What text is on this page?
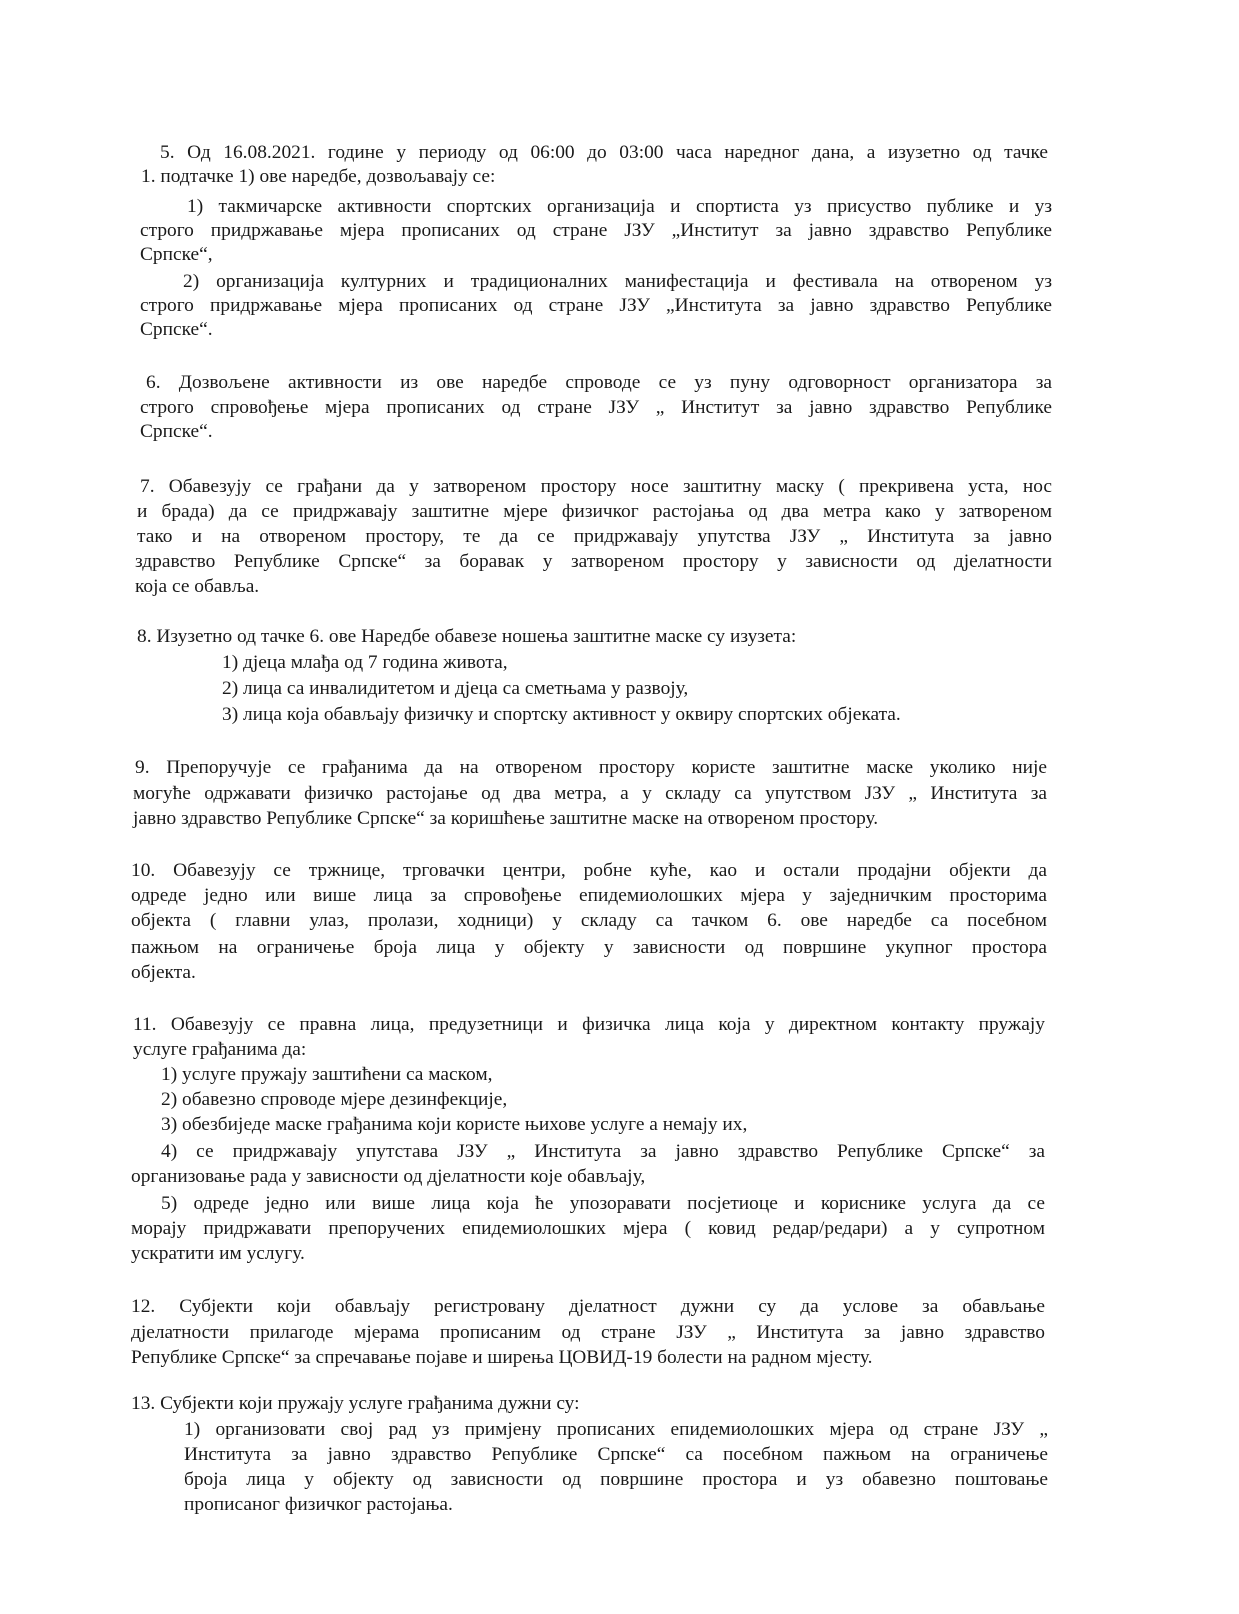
5. Од 16.08.2021. године у периоду од 06:00 до 03:00 часа наредног дана, а изузетно од тачке
1. подтачке 1) ове наредбе, дозвољавају се:
1) такмичарске активности спортских организација и спортиста уз присуство публике и уз
строго придржавање мјера прописаних од стране ЈЗУ „Институт за јавно здравство Републике
Српске“,
2) организација културних и традиционалних манифестација и фестивала на отвореном уз
строго придржавање мјера прописаних од стране ЈЗУ „Института за јавно здравство Републике
Српске“.
6. Дозвољене активности из ове наредбе спроводе се уз пуну одговорност организатора за
строго спровођење мјера прописаних од стране ЈЗУ „ Институт за јавно здравство Републике
Српске“.
7. Обавезују се грађани да у затвореном простору носе заштитну маску ( прекривена уста, нос
и брада) да се придржавају заштитне мјере физичког растојања од два метра како у затвореном
тако и на отвореном простору, те да се придржавају упутства ЈЗУ „ Института за јавно
здравство Републике Српске“ за боравак у затвореном простору у зависности од дјелатности
која се обавља.
8. Изузетно од тачке 6. ове Наредбе обавезе ношења заштитне маске су изузета:
1) дјеца млађа од 7 година живота,
2) лица са инвалидитетом и дјеца са сметњама у развоју,
3) лица која обављају физичку и спортску активност у оквиру спортских објеката.
9. Препоручује се грађанима да на отвореном простору користе заштитне маске уколико није
могуће одржавати физичко растојање од два метра, а у складу са упутством ЈЗУ „ Института за
јавно здравство Републике Српске“ за коришћење заштитне маске на отвореном простору.
10. Обавезују се тржнице, трговачки центри, робне куће, као и остали продајни објекти да
одреде једно или више лица за спровођење епидемиолошких мјера у заједничким просторима
објекта ( главни улаз, пролази, ходници) у складу са тачком 6. ове наредбе са посебном
пажњом на ограничење броја лица у објекту у зависности од површине укупног простора
објекта.
11. Обавезују се правна лица, предузетници и физичка лица која у директном контакту пружају
услуге грађанима да:
1) услуге пружају заштићени са маском,
2) обавезно спроводе мјере дезинфекције,
3) обезбиједе маске грађанима који користе њихове услуге а немају их,
4) се придржавају упутстава ЈЗУ „ Института за јавно здравство Републике Српске“ за
организовање рада у зависности од дјелатности које обављају,
5) одреде једно или више лица која ће упозоравати посјетиоце и кориснике услуга да се
морају придржавати препоручених епидемиолошких мјера ( ковид редар/редари) а у супротном
ускратити им услугу.
12. Субјекти који обављају регистровану дјелатност дужни су да услове за обављање
дјелатности прилагоде мјерама прописаним од стране ЈЗУ „ Института за јавно здравство
Републике Српске“ за спречавање појаве и ширења ЦОВИД-19 болести на радном мјесту.
13. Субјекти који пружају услуге грађанима дужни су:
1) организовати свој рад уз примјену прописаних епидемиолошких мјера од стране ЈЗУ „
Института за јавно здравство Републике Српске“ са посебном пажњом на ограничење
броја лица у објекту од зависности од површине простора и уз обавезно поштовање
прописаног физичког растојања.
